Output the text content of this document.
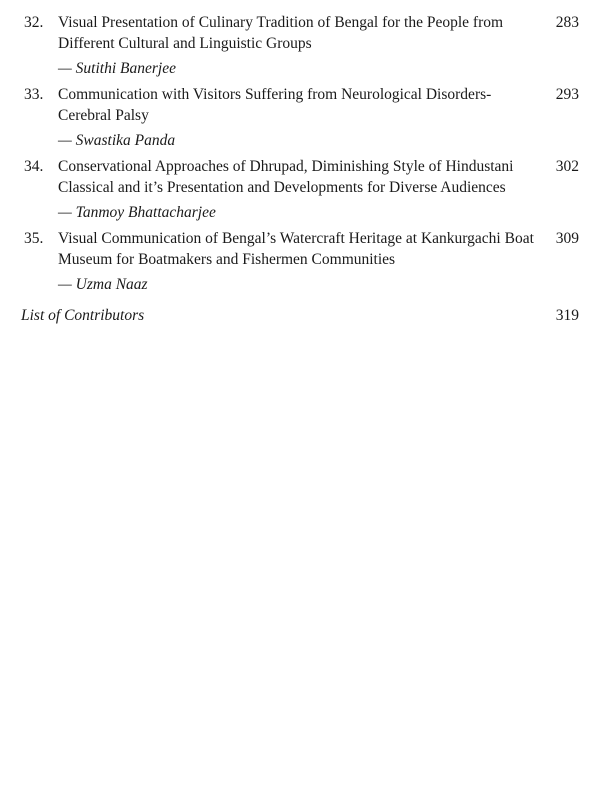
32. Visual Presentation of Culinary Tradition of Bengal for the People from Different Cultural and Linguistic Groups
283
— Sutithi Banerjee
33. Communication with Visitors Suffering from Neurological Disorders-Cerebral Palsy
293
— Swastika Panda
34. Conservational Approaches of Dhrupad, Diminishing Style of Hindustani Classical and it’s Presentation and Developments for Diverse Audiences
302
— Tanmoy Bhattacharjee
35. Visual Communication of Bengal’s Watercraft Heritage at Kankurgachi Boat Museum for Boatmakers and Fishermen Communities
309
— Uzma Naaz
List of Contributors	319
